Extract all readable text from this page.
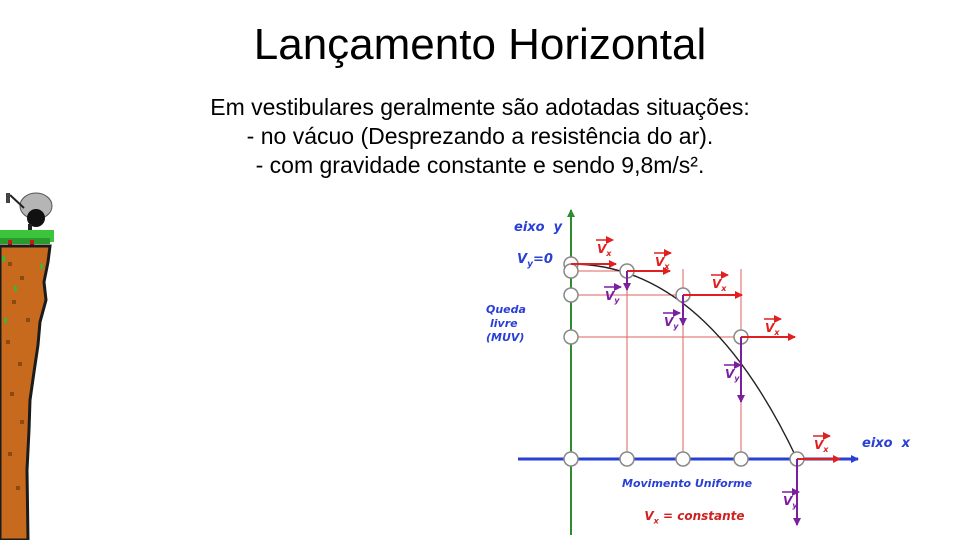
Lançamento Horizontal
Em vestibulares geralmente são adotadas situações:
- no vácuo (Desprezando a resistência do ar).
- com gravidade constante e sendo 9,8m/s².
$V_x$
$V_x$
$V_x$
$V_x$
$V_x$
$V_y$
$V_y$
$V_y$
$V_y$
eixo  y
eixo  x
$V_y=0$
Queda
livre
(MUV)
Movimento Uniforme

$V_x$ = constante
